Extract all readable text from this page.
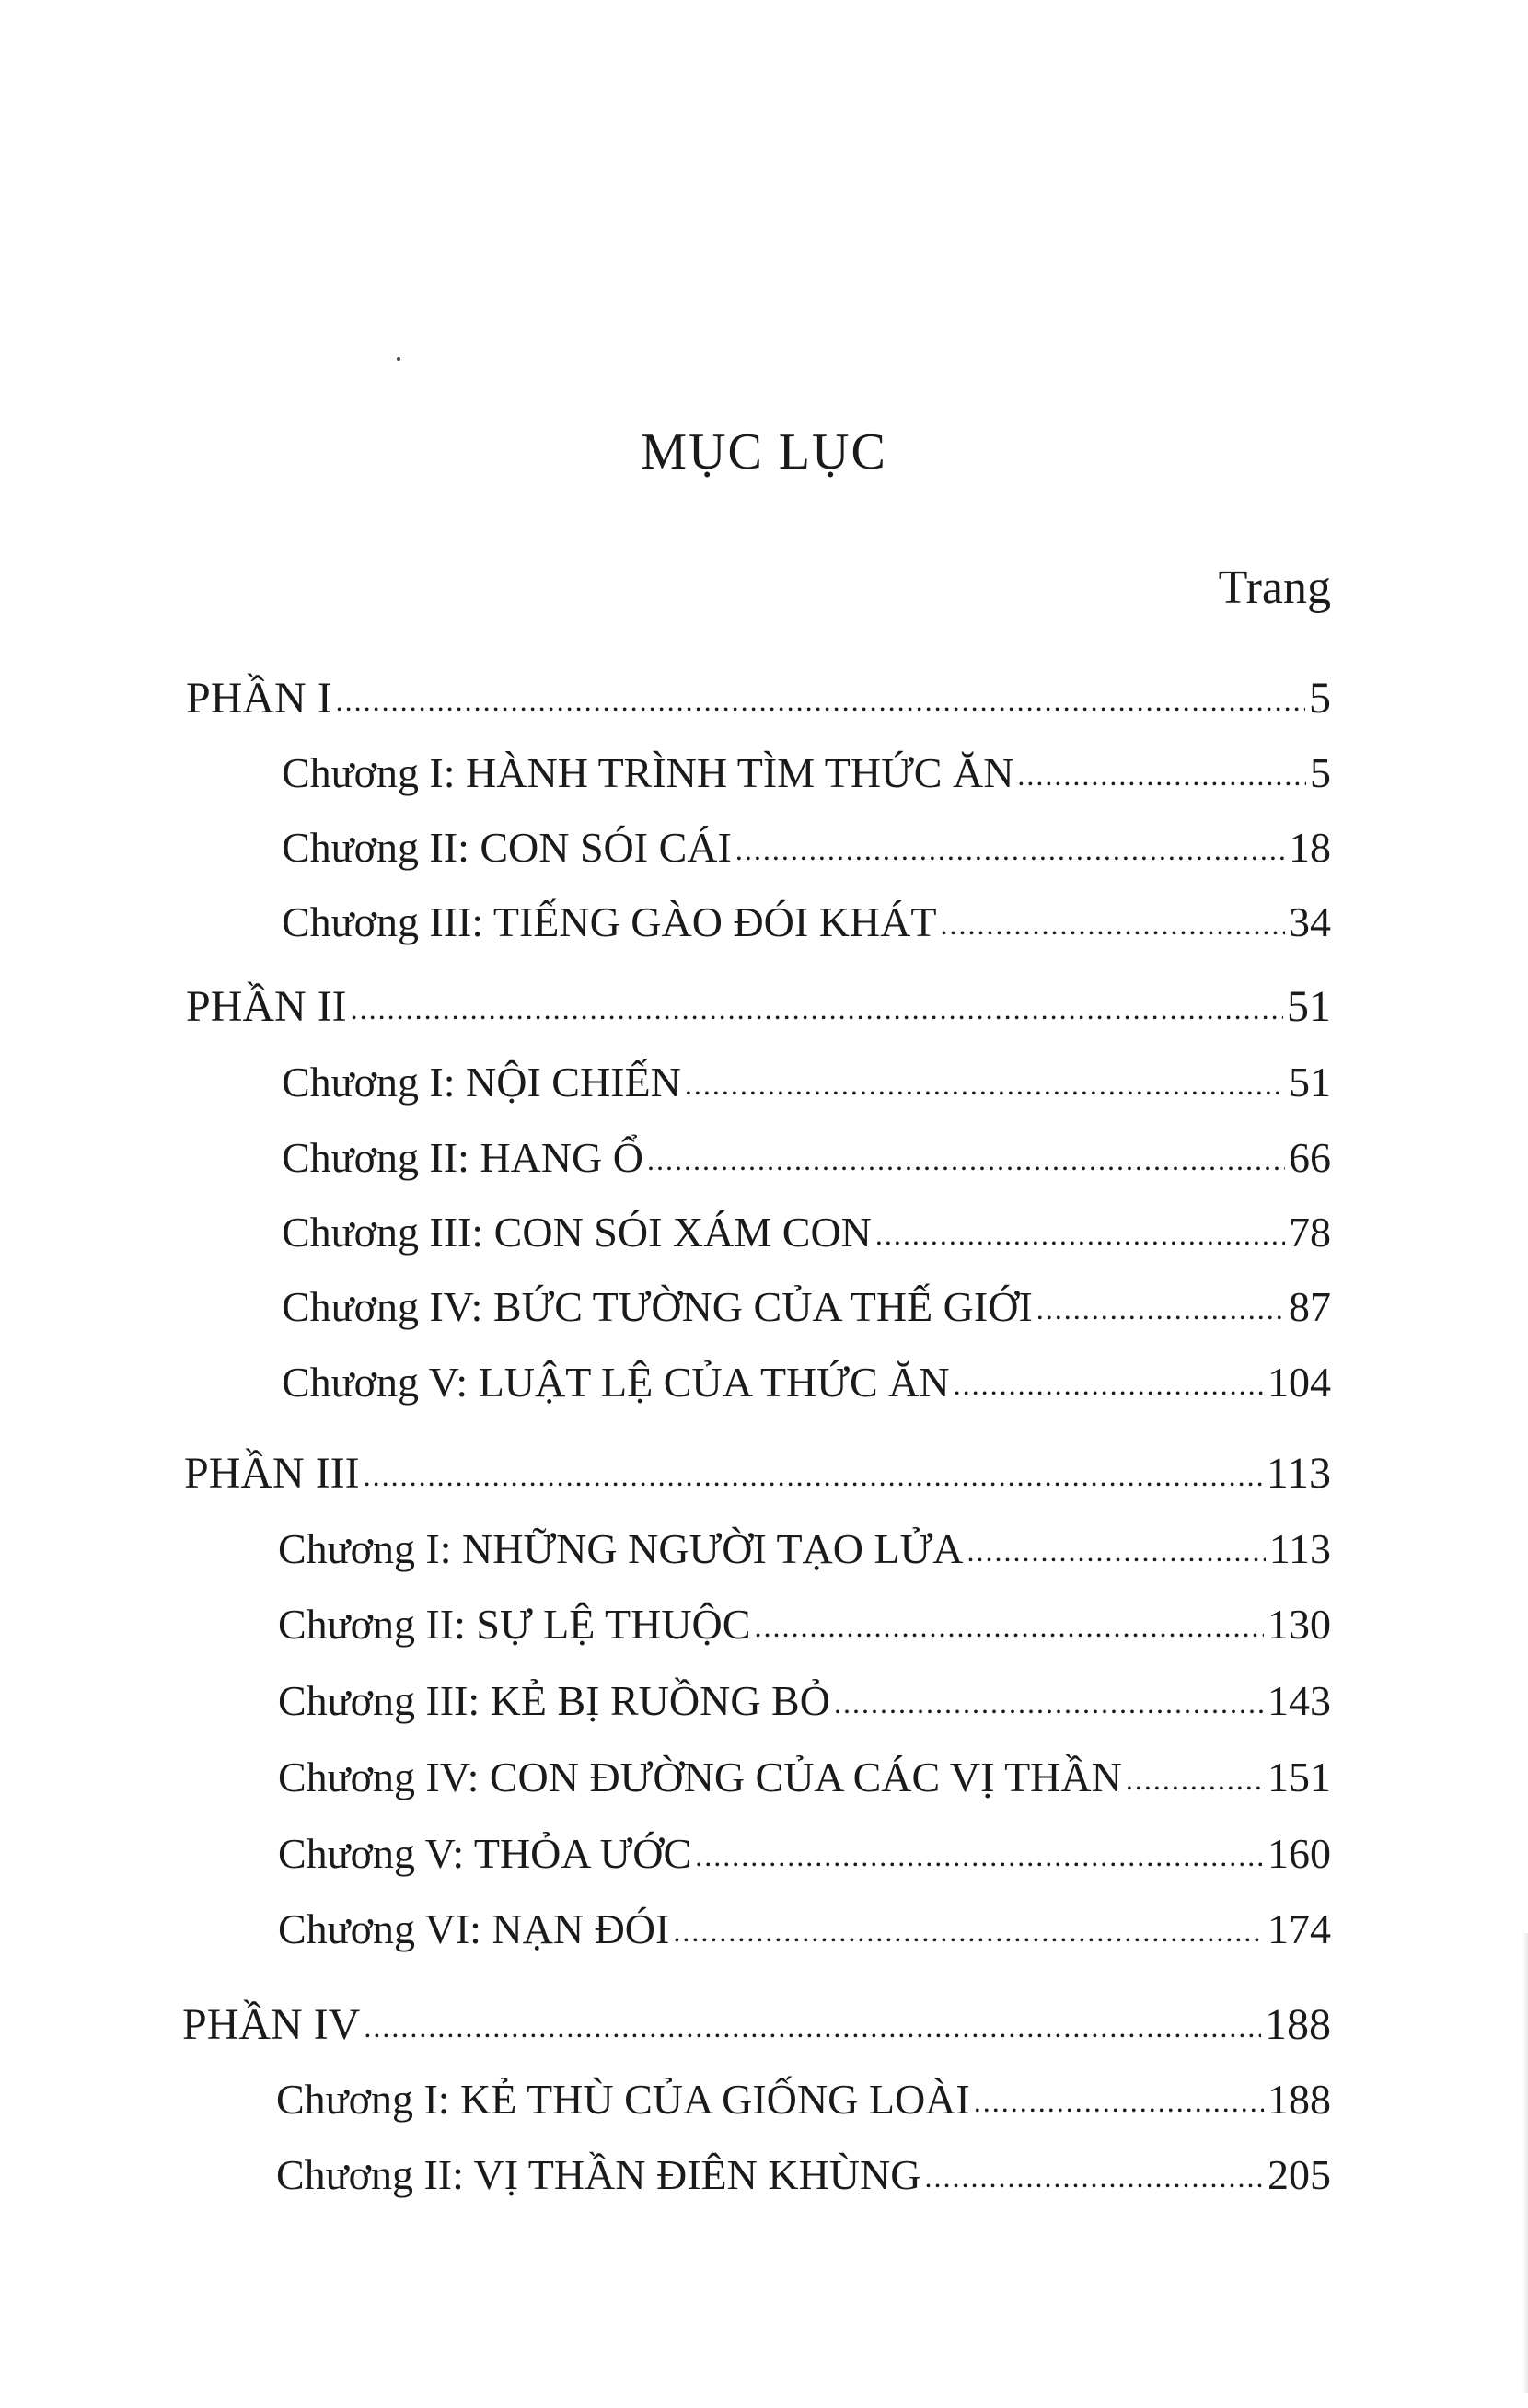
MỤC LỤC
Trang
PHẦN I .....	5
Chương I: HÀNH TRÌNH TÌM THỨC ĂN .....	5
Chương II: CON SÓI CÁI .....	18
Chương III: TIẾNG GÀO ĐÓI KHÁT .....	34
PHẦN II .....	51
Chương I: NỘI CHIẾN .....	51
Chương II: HANG Ổ .....	66
Chương III: CON SÓI XÁM CON .....	78
Chương IV: BỨC TƯỜNG CỦA THẾ GIỚI .....	87
Chương V: LUẬT LỆ CỦA THỨC ĂN .....	104
PHẦN III .....	113
Chương I: NHỮNG NGƯỜI TẠO LỬA .....	113
Chương II: SỰ LỆ THUỘC .....	130
Chương III: KẺ BỊ RUỒNG BỎ .....	143
Chương IV: CON ĐƯỜNG CỦA CÁC VỊ THẦN .....	151
Chương V: THỎA ƯỚC .....	160
Chương VI: NẠN ĐÓI .....	174
PHẦN IV .....	188
Chương I: KẺ THÙ CỦA GIỐNG LOÀI .....	188
Chương II: VỊ THẦN ĐIÊN KHÙNG .....	205
